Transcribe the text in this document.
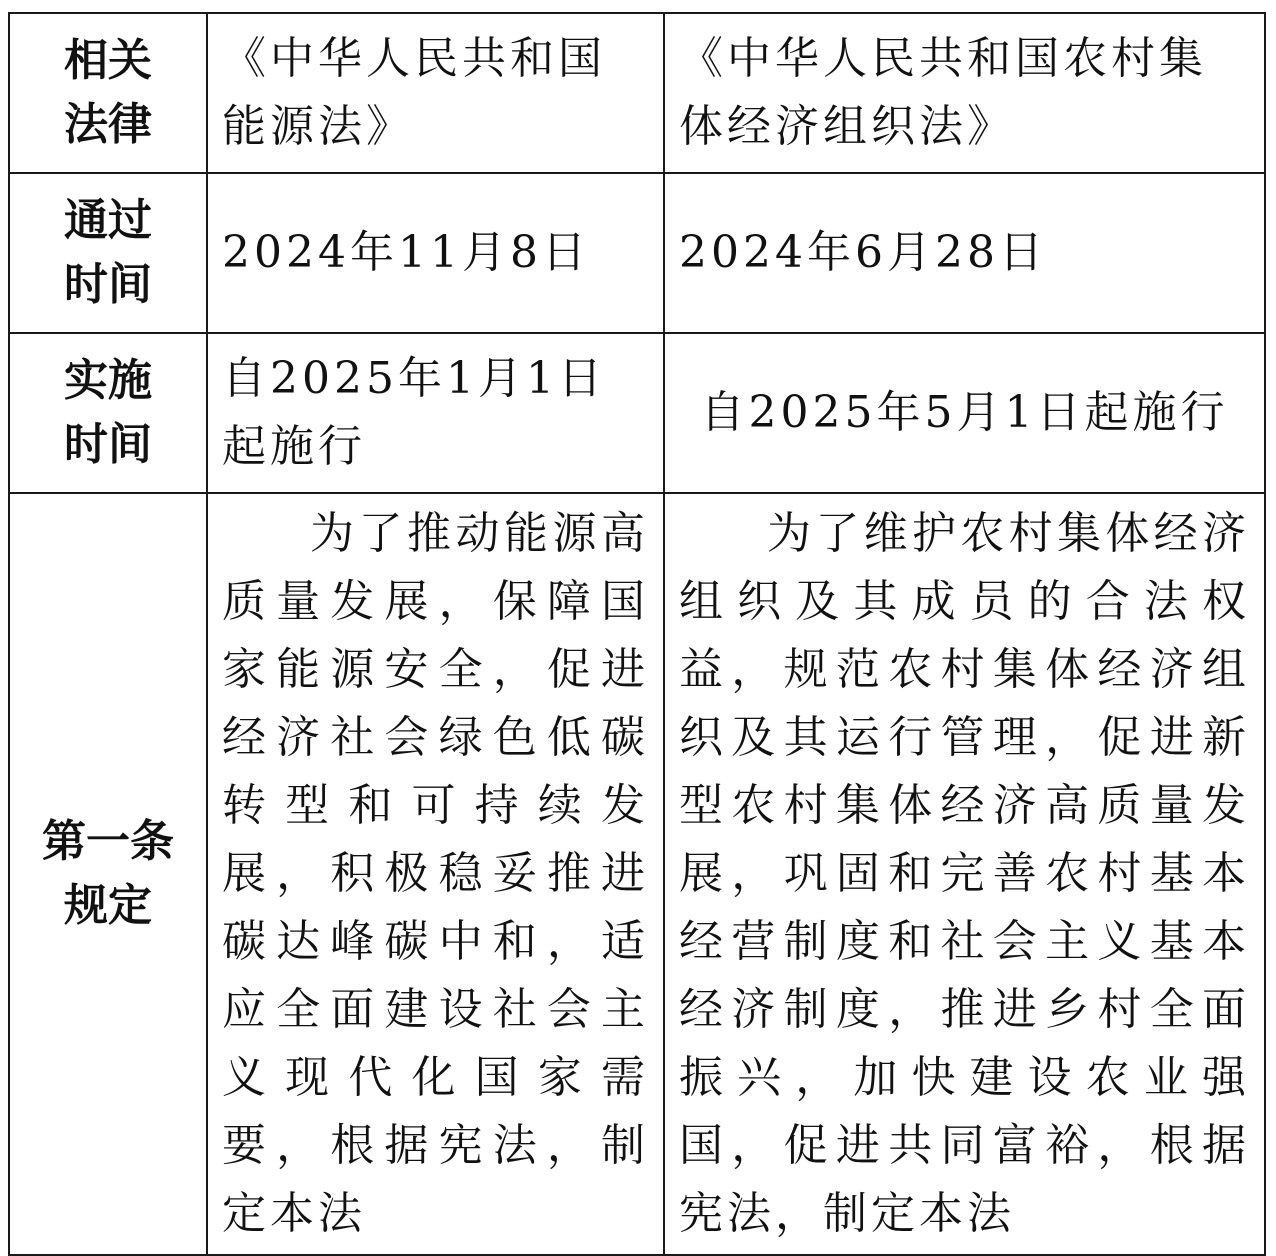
相关
法律	《中华人民共和国能源法》	《中华人民共和国农村集体经济组织法》
通过
时间	2024年11月8日	2024年6月28日
实施
时间	自2025年1月1日起施行	自2025年5月1日起施行
第一条
规定	为了推动能源高质量发展，保障国家能源安全，促进经济社会绿色低碳转型和可持续发展，积极稳妥推进碳达峰碳中和，适应全面建设社会主义现代化国家需要，根据宪法，制定本法	为了维护农村集体经济组织及其成员的合法权益，规范农村集体经济组织及其运行管理，促进新型农村集体经济高质量发展，巩固和完善农村基本经营制度和社会主义基本经济制度，推进乡村全面振兴，加快建设农业强国，促进共同富裕，根据宪法，制定本法
